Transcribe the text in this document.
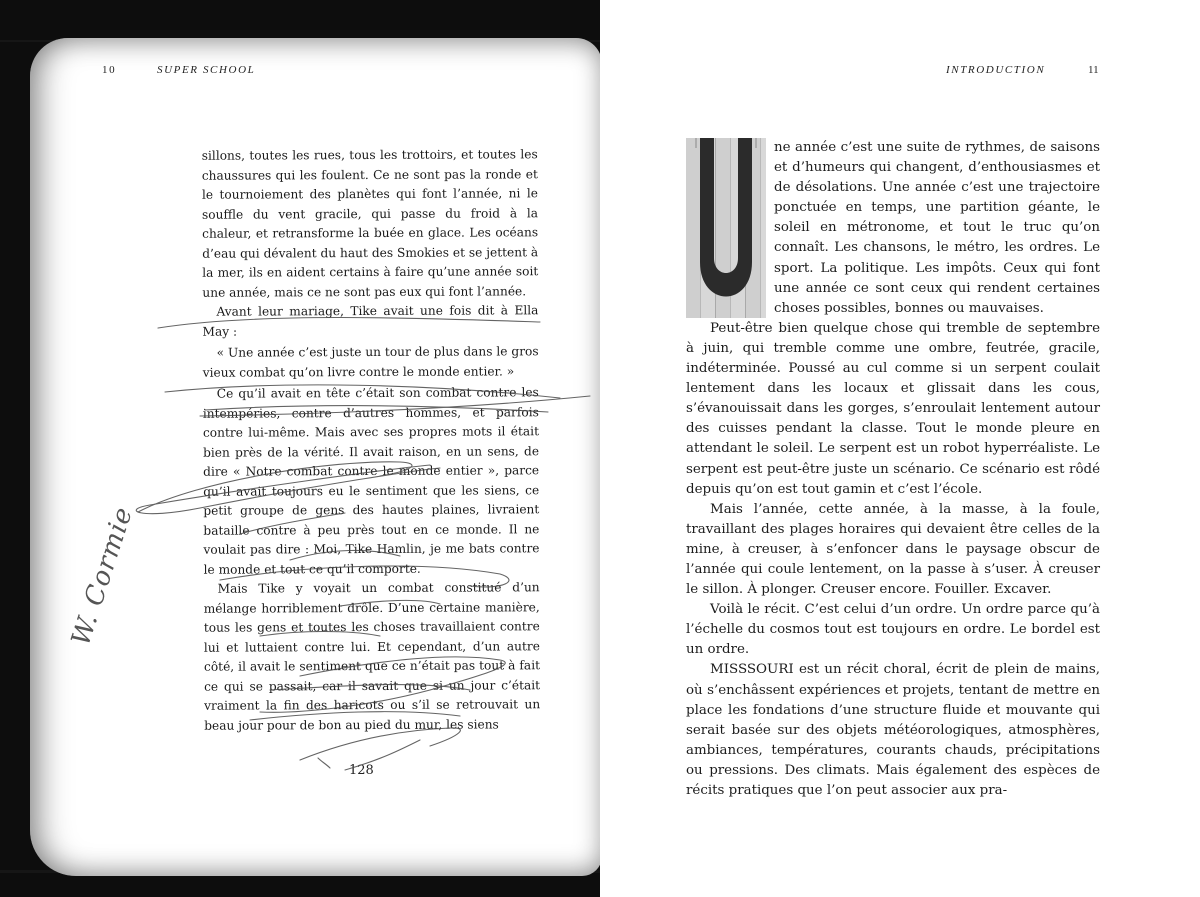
10	SUPER SCHOOL

sillons, toutes les rues, tous les trottoirs, et toutes les chaussures qui les foulent. Ce ne sont pas la ronde et le tournoiement des planètes qui font l’année, ni le souffle du vent gracile, qui passe du froid à la chaleur, et retransforme la buée en glace. Les océans d’eau qui dévalent du haut des Smokies et se jettent à la mer, ils en aident certains à faire qu’une année soit une année, mais ce ne sont pas eux qui font l’année.

Avant leur mariage, Tike avait une fois dit à Ella May :

« Une année c’est juste un tour de plus dans le gros vieux combat qu’on livre contre le monde entier. »

Ce qu’il avait en tête c’était son combat contre les intempéries, contre d’autres hommes, et parfois contre lui-même. Mais avec ses propres mots il était bien près de la vérité. Il avait raison, en un sens, de dire « Notre combat contre le monde entier », parce qu’il avait toujours eu le sentiment que les siens, ce petit groupe de gens des hautes plaines, livraient bataille contre à peu près tout en ce monde. Il ne voulait pas dire : Moi, Tike Hamlin, je me bats contre le monde et tout ce qu’il comporte.

Mais Tike y voyait un combat constitué d’un mélange horriblement drôle. D’une certaine manière, tous les gens et toutes les choses travaillaient contre lui et luttaient contre lui. Et cependant, d’un autre côté, il avait le sentiment que ce n’était pas tout à fait ce qui se passait, car il savait que si un jour c’était vraiment la fin des haricots ou s’il se retrouvait un beau jour pour de bon au pied du mur, les siens

128
W. Cormie
INTRODUCTION	11

ne année c’est une suite de rythmes, de saisons et d’humeurs qui changent, d’enthousiasmes et de désolations. Une année c’est une trajectoire ponctuée en temps, une partition géante, le soleil en métronome, et tout le truc qu’on connaît. Les chansons, le métro, les ordres. Le sport. La politique. Les impôts. Ceux qui font une année ce sont ceux qui rendent certaines choses possibles, bonnes ou mauvaises.

Peut-être bien quelque chose qui tremble de septembre à juin, qui tremble comme une ombre, feutrée, gracile, indéterminée. Poussé au cul comme si un serpent coulait lentement dans les locaux et glissait dans les cous, s’évanouissait dans les gorges, s’enroulait lentement autour des cuisses pendant la classe. Tout le monde pleure en attendant le soleil. Le serpent est un robot hyperréaliste. Le serpent est peut-être juste un scénario. Ce scénario est rôdé depuis qu’on est tout gamin et c’est l’école.

Mais l’année, cette année, à la masse, à la foule, travaillant des plages horaires qui devaient être celles de la mine, à creuser, à s’enfoncer dans le paysage obscur de l’année qui coule lentement, on la passe à s’user. À creuser le sillon. À plonger. Creuser encore. Fouiller. Excaver.

Voilà le récit. C’est celui d’un ordre. Un ordre parce qu’à l’échelle du cosmos tout est toujours en ordre. Le bordel est un ordre.

MISSSOURI est un récit choral, écrit de plein de mains, où s’enchâssent expériences et projets, tentant de mettre en place les fondations d’une structure fluide et mouvante qui serait basée sur des objets météorologiques, atmosphères, ambiances, températures, courants chauds, précipitations ou pressions. Des climats. Mais également des espèces de récits pratiques que l’on peut associer aux pra-
